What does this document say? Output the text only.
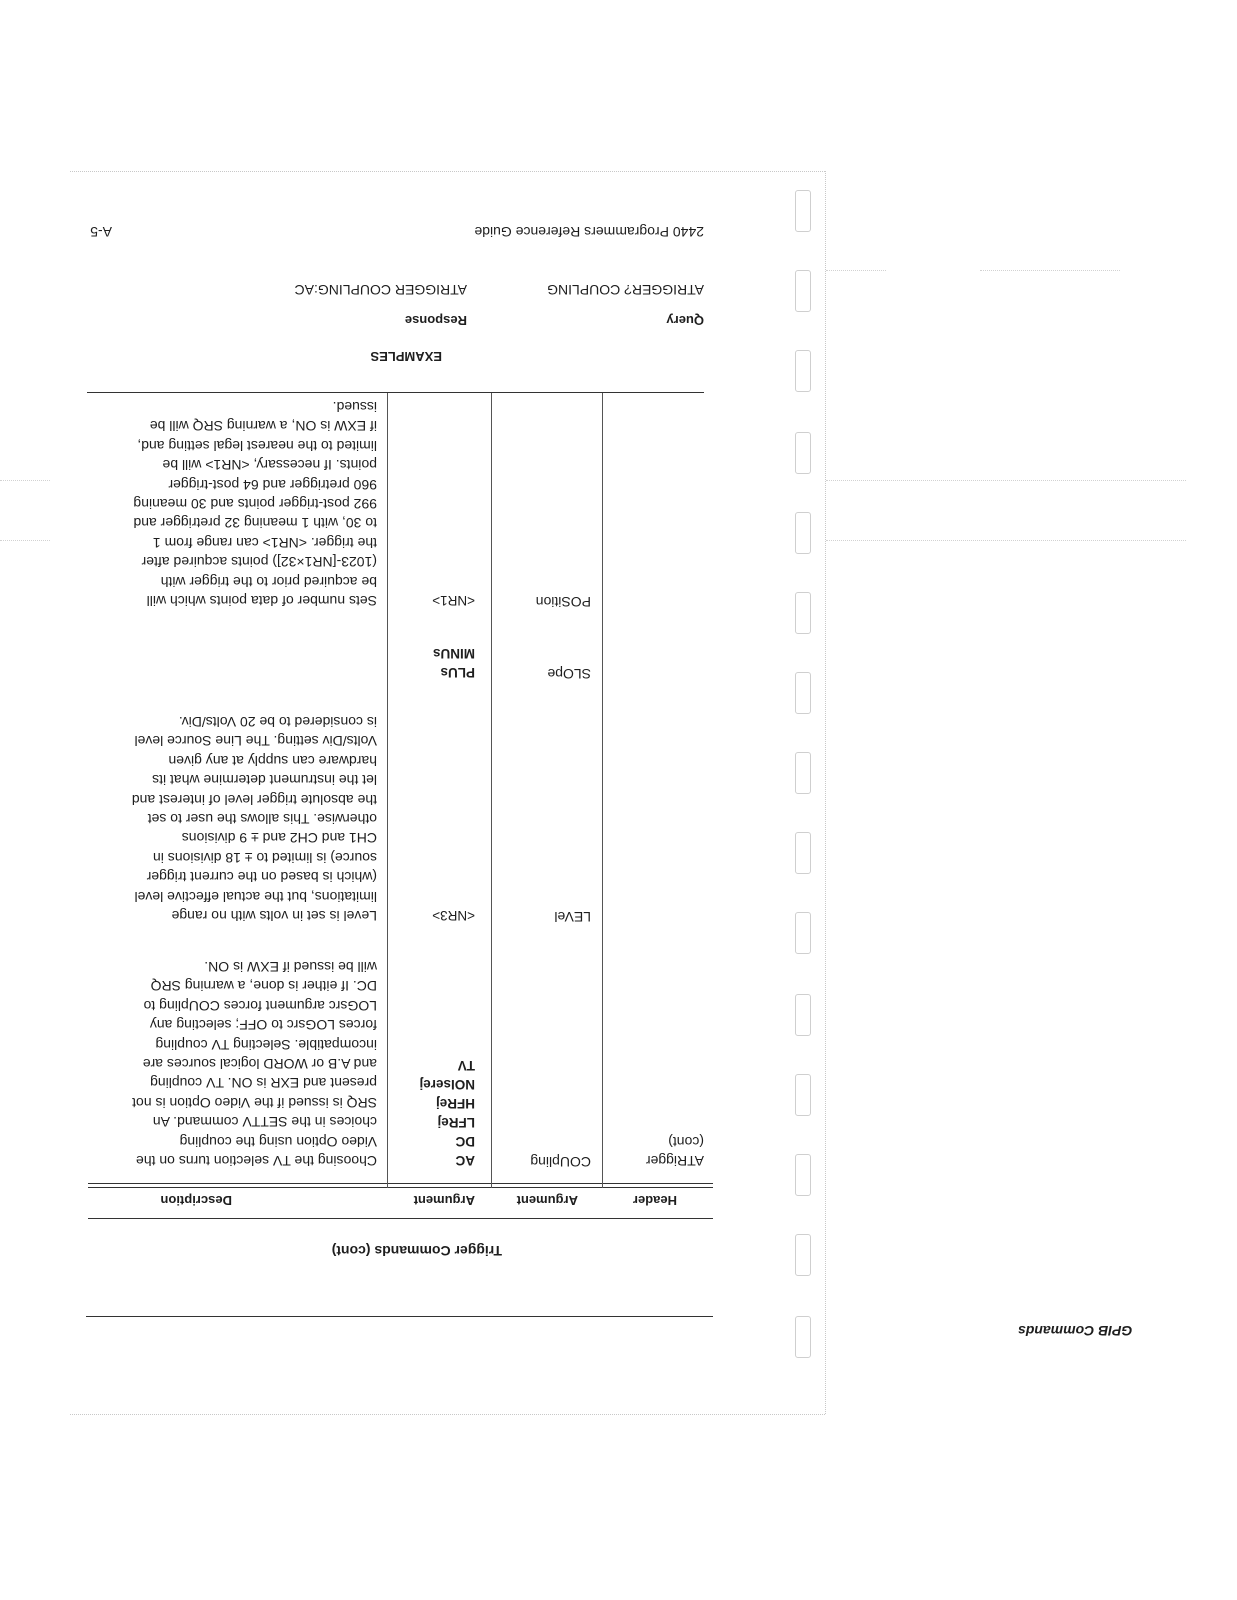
GPIB Commands
Trigger Commands (cont)
Header
Argument
Argument
Description
ATRigger
(cont)
COUpling
AC
DC
LFRej
HFRej
NOIserej
TV
Choosing the TV selection turns on the
Video Option using the coupling
choices in the SETTV command. An
SRQ is issued if the Video Option is not
present and EXR is ON. TV coupling
and A.B or WORD logical sources are
incompatible. Selecting TV coupling
forces LOGsrc to OFF; selecting any
LOGsrc argument forces COUpling to
DC. If either is done, a warning SRQ
will be issued if EXW is ON.
LEVel
<NR3>
Level is set in volts with no range
limitations, but the actual effective level
(which is based on the current trigger
source) is limited to ± 18 divisions in
CH1 and CH2 and ± 9 divisions
otherwise. This allows the user to set
the absolute trigger level of interest and
let the instrument determine what its
hardware can supply at any given
Volts/Div setting. The Line Source level
is considered to be 20 Volts/Div.
SLOpe
PLUs
MINUs
POSition
<NR1>
Sets number of data points which will
be acquired prior to the trigger with
(1023-[NR1×32]) points acquired after
the trigger. <NR1> can range from 1
to 30, with 1 meaning 32 pretrigger and
992 post-trigger points and 30 meaning
960 pretrigger and 64 post-trigger
points. If necessary, <NR1> will be
limited to the nearest legal setting and,
if EXW is ON, a warning SRQ will be
issued.
EXAMPLES
Query
Response
ATRIGGER? COUPLING
ATRIGGER COUPLING:AC
2440 Programmers Reference Guide
A-5
